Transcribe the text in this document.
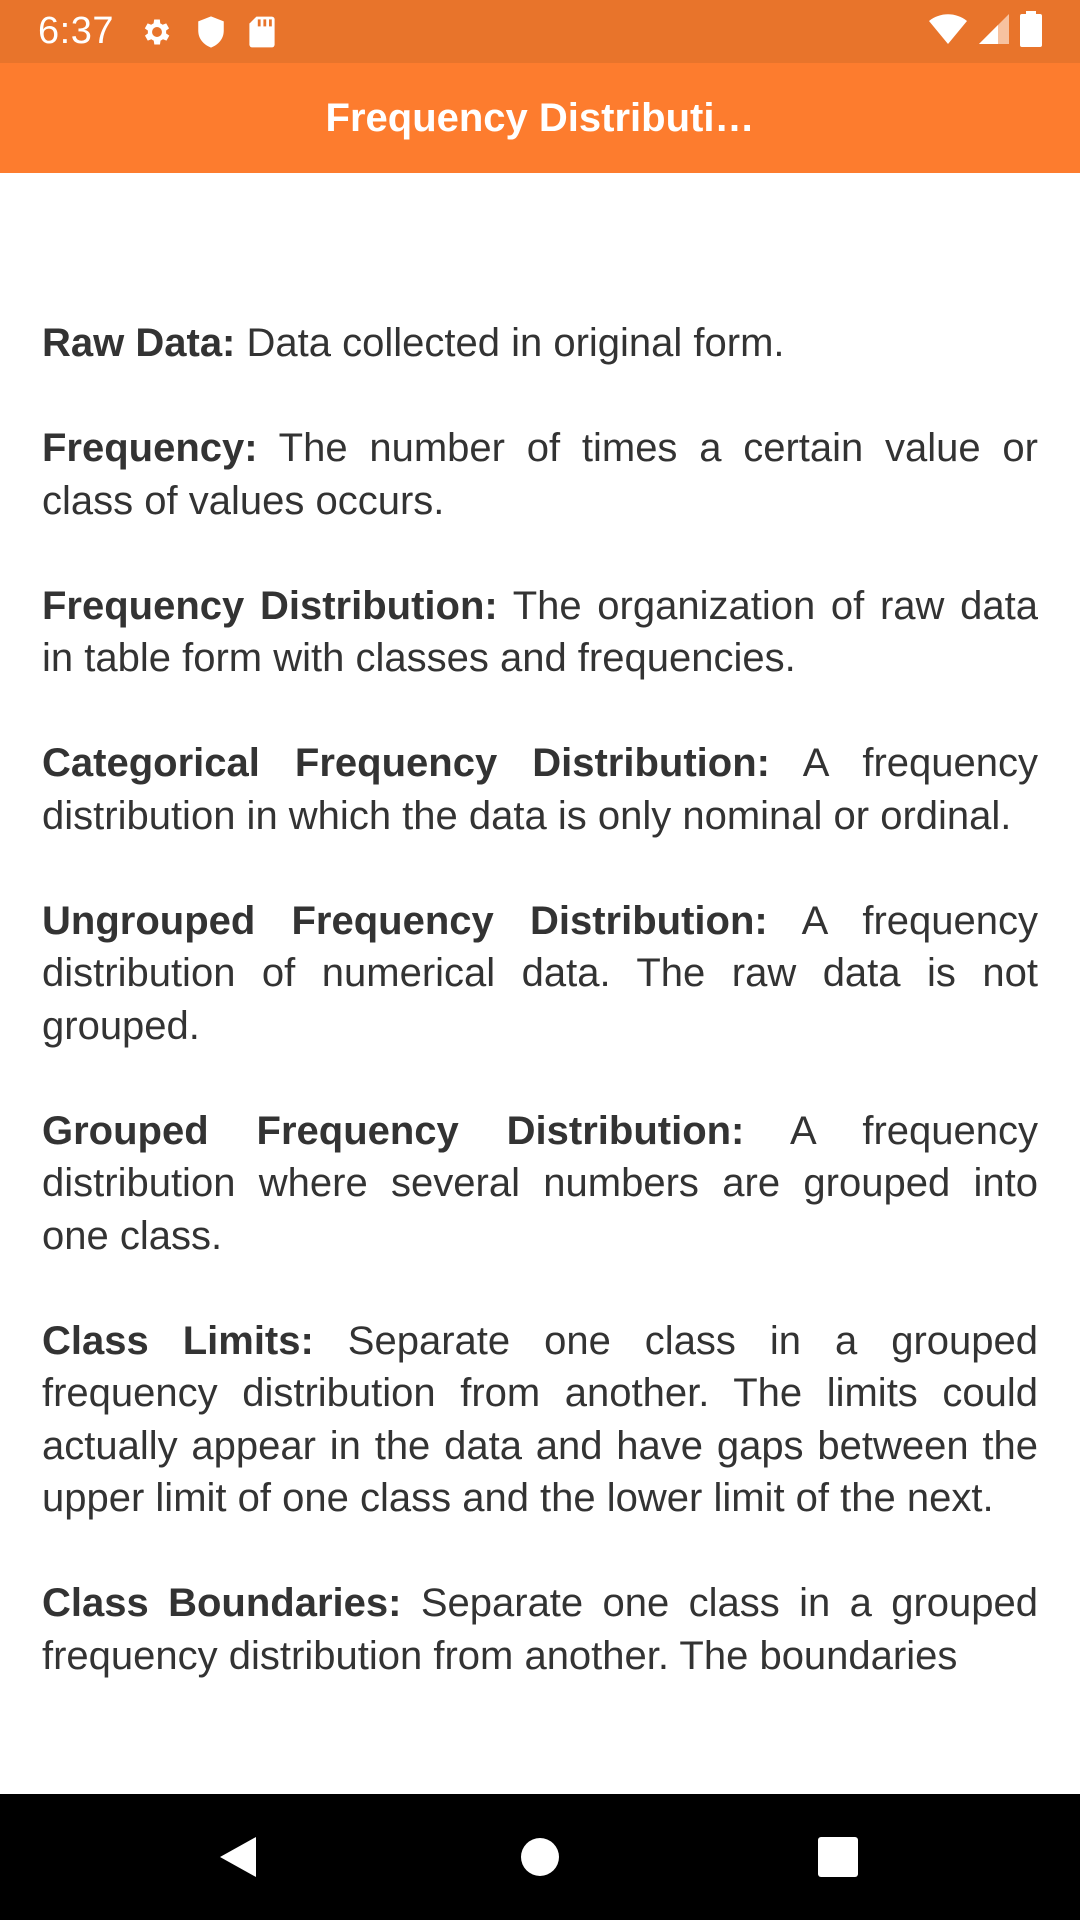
6:37
Frequency Distributi…

Raw Data: Data collected in original form.

Frequency: The number of times a certain value or class of values occurs.

Frequency Distribution: The organization of raw data in table form with classes and frequencies.

Categorical Frequency Distribution: A frequency distribution in which the data is only nominal or ordinal.

Ungrouped Frequency Distribution: A frequency distribution of numerical data. The raw data is not grouped.

Grouped Frequency Distribution: A frequency distribution where several numbers are grouped into one class.

Class Limits: Separate one class in a grouped frequency distribution from another. The limits could actually appear in the data and have gaps between the upper limit of one class and the lower limit of the next.

Class Boundaries: Separate one class in a grouped frequency distribution from another. The boundaries
